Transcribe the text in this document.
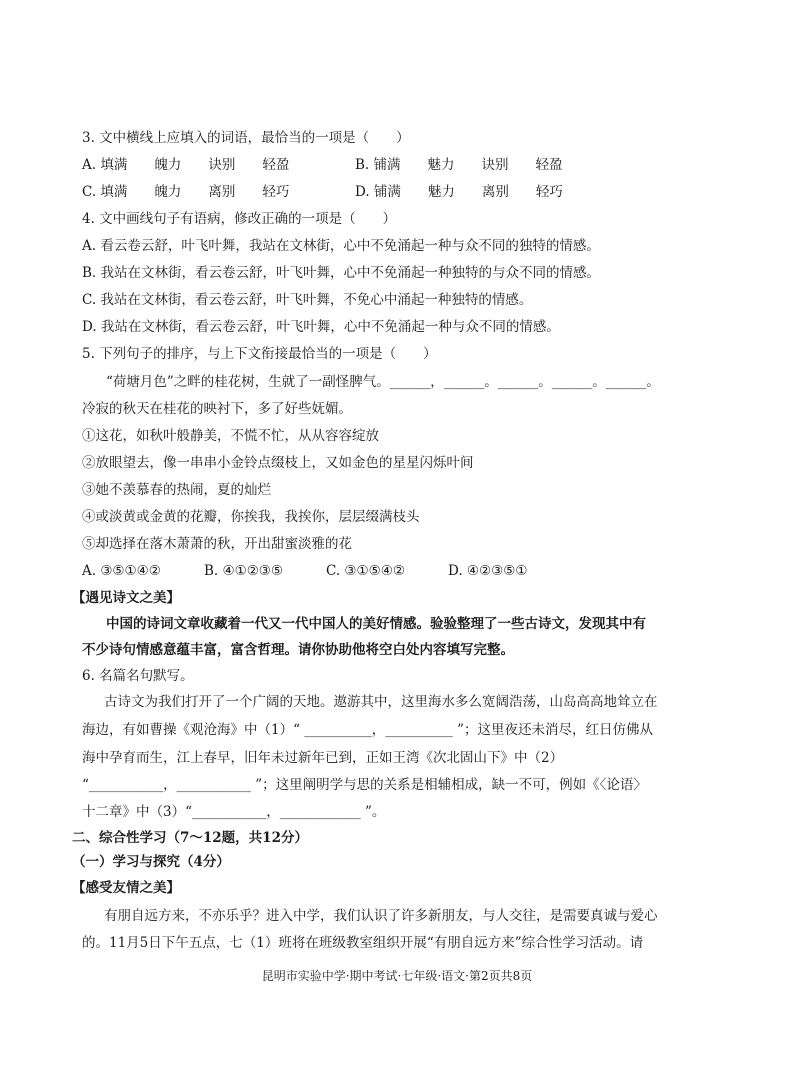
3. 文中横线上应填入的词语，最恰当的一项是（　　）
A. 填满　　魄力　　诀别　　轻盈	B. 铺满　　魅力　　诀别　　轻盈
C. 填满　　魄力　　离别　　轻巧	D. 铺满　　魅力　　离别　　轻巧
4. 文中画线句子有语病，修改正确的一项是（　　）
A. 看云卷云舒，叶飞叶舞，我站在文林街，心中不免涌起一种与众不同的独特的情感。
B. 我站在文林街，看云卷云舒，叶飞叶舞，心中不免涌起一种独特的与众不同的情感。
C. 我站在文林街，看云卷云舒，叶飞叶舞，不免心中涌起一种独特的情感。
D. 我站在文林街，看云卷云舒，叶飞叶舞，心中不免涌起一种与众不同的情感。
5. 下列句子的排序，与上下文衔接最恰当的一项是（　　）
“荷塘月色”之畔的桂花树，生就了一副怪脾气。______，______。______。______。______。
冷寂的秋天在桂花的映衬下，多了好些妩媚。
①这花，如秋叶般静美，不慌不忙，从从容容绽放
②放眼望去，像一串串小金铃点缀枝上，又如金色的星星闪烁叶间
③她不羡慕春的热闹，夏的灿烂
④或淡黄或金黄的花瓣，你挨我，我挨你，层层缀满枝头
⑤却选择在落木萧萧的秋，开出甜蜜淡雅的花
A. ③⑤①④②	B. ④①②③⑤	C. ③①⑤④②	D. ④②③⑤①
【遇见诗文之美】
中国的诗词文章收藏着一代又一代中国人的美好情感。验验整理了一些古诗文，发现其中有
不少诗句情感意蕴丰富，富含哲理。请你协助他将空白处内容填写完整。
6. 名篇名句默写。
古诗文为我们打开了一个广阔的天地。遨游其中，这里海水多么宽阔浩荡，山岛高高地耸立在
海边，有如曹操《观沧海》中（1）“ __________，__________ ”；这里夜还未消尽，红日仿佛从
海中孕育而生，江上春早，旧年未过新年已到，正如王湾《次北固山下》中（2）
“___________，___________ ”；这里阐明学与思的关系是相辅相成，缺一不可，例如《〈论语〉
十二章》中（3）“___________，____________ ”。
二、综合性学习（7～12题，共12分）
（一）学习与探究（4分）
【感受友情之美】
有朋自远方来，不亦乐乎？进入中学，我们认识了许多新朋友，与人交往，是需要真诚与爱心
的。11月5日下午五点，七（1）班将在班级教室组织开展“有朋自远方来”综合性学习活动。请
昆明市实验中学·期中考试·七年级·语文·第2页共8页
